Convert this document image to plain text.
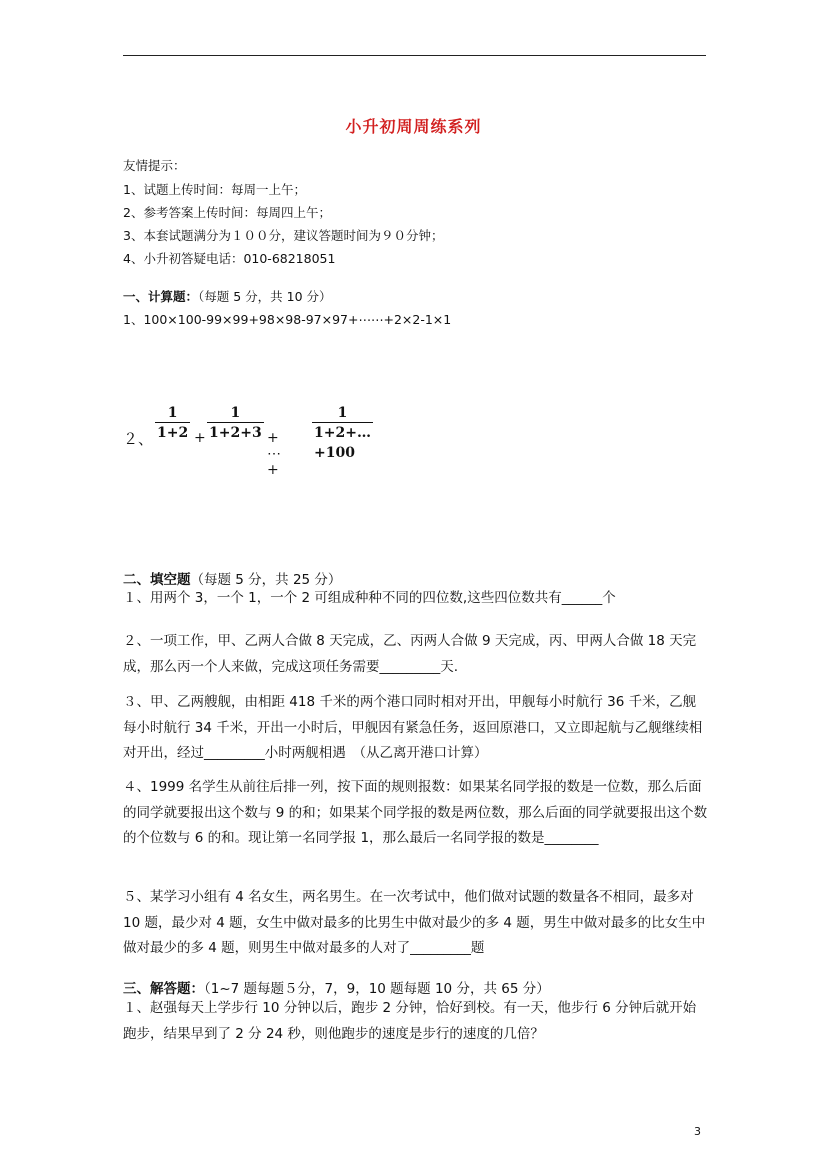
小升初周周练系列
友情提示：
1、试题上传时间：每周一上午；
2、参考答案上传时间：每周四上午；
3、本套试题满分为１００分，建议答题时间为９０分钟；
4、小升初答疑电话：010-68218051
一、计算题：（每题 5 分，共 10 分）
1、100×100-99×99+98×98-97×97+⋯⋯+2×2-1×1
２、
1
1+2 +
1
1+2+3 + ⋯ +
1
1+2+…+100
二、填空题（每题 5 分，共 25 分）
１、用两个 3，一个 1，一个 2 可组成种种不同的四位数,这些四位数共有______个
２、一项工作，甲、乙两人合做 8 天完成，乙、丙两人合做 9 天完成，丙、甲两人合做 18 天完成，那么丙一个人来做，完成这项任务需要_________天.
３、甲、乙两艘舰，由相距 418 千米的两个港口同时相对开出，甲舰每小时航行 36 千米，乙舰每小时航行 34 千米，开出一小时后，甲舰因有紧急任务，返回原港口，又立即起航与乙舰继续相对开出，经过_________小时两舰相遇　（从乙离开港口计算）
４、1999 名学生从前往后排一列，按下面的规则报数：如果某名同学报的数是一位数，那么后面的同学就要报出这个数与 9 的和；如果某个同学报的数是两位数，那么后面的同学就要报出这个数的个位数与 6 的和。现让第一名同学报 1，那么最后一名同学报的数是________
５、某学习小组有 4 名女生，两名男生。在一次考试中，他们做对试题的数量各不相同，最多对 10 题，最少对 4 题，女生中做对最多的比男生中做对最少的多 4 题，男生中做对最多的比女生中做对最少的多 4 题，则男生中做对最多的人对了_________题
三、解答题：（1~7 题每题５分，7，9，10 题每题 10 分，共 65 分）
１、赵强每天上学步行 10 分钟以后，跑步 2 分钟，恰好到校。有一天，他步行 6 分钟后就开始跑步，结果早到了 2 分 24 秒，则他跑步的速度是步行的速度的几倍？
3
